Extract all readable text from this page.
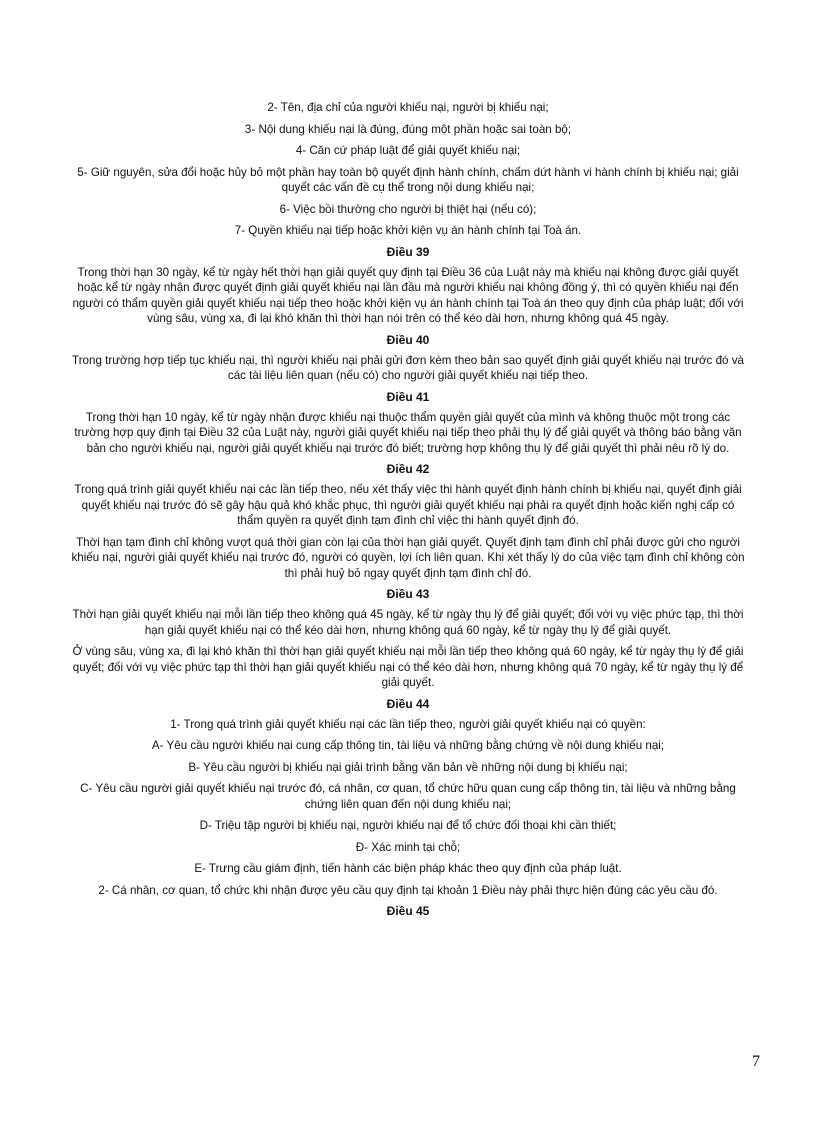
2- Tên, địa chỉ của người khiếu nại, người bị khiếu nại;

3- Nội dung khiếu nại là đúng, đúng một phần hoặc sai toàn bộ;

4- Căn cứ pháp luật để giải quyết khiếu nại;

5- Giữ nguyên, sửa đổi hoặc hủy bỏ một phần hay toàn bộ quyết định hành chính, chấm dứt hành vi hành chính bị khiếu nại; giải quyết các vấn đề cụ thể trong nội dung khiếu nại;

6- Việc bồi thường cho người bị thiệt hại (nếu có);

7- Quyền khiếu nại tiếp hoặc khởi kiện vụ án hành chính tại Toà án.

Điều 39

Trong thời hạn 30 ngày, kể từ ngày hết thời hạn giải quyết quy định tại Điều 36 của Luật này mà khiếu nại không được giải quyết hoặc kể từ ngày nhận được quyết định giải quyết khiếu nại lần đầu mà người khiếu nại không đồng ý, thì có quyền khiếu nại đến người có thẩm quyền giải quyết khiếu nại tiếp theo hoặc khởi kiện vụ án hành chính tại Toà án theo quy định của pháp luật; đối với vùng sâu, vùng xa, đi lại khó khăn thì thời hạn nói trên có thể kéo dài hơn, nhưng không quá 45 ngày.

Điều 40

Trong trường hợp tiếp tục khiếu nại, thì người khiếu nại phải gửi đơn kèm theo bản sao quyết định giải quyết khiếu nại trước đó và các tài liệu liên quan (nếu có) cho người giải quyết khiếu nại tiếp theo.

Điều 41

Trong thời hạn 10 ngày, kể từ ngày nhận được khiếu nại thuộc thẩm quyền giải quyết của mình và không thuộc một trong các trường hợp quy định tại Điều 32 của Luật này, người giải quyết khiếu nại tiếp theo phải thụ lý để giải quyết và thông báo bằng văn bản cho người khiếu nại, người giải quyết khiếu nại trước đó biết; trường hợp không thụ lý để giải quyết thì phải nêu rõ lý do.

Điều 42

Trong quá trình giải quyết khiếu nại các lần tiếp theo, nếu xét thấy việc thi hành quyết định hành chính bị khiếu nại, quyết định giải quyết khiếu nại trước đó sẽ gây hậu quả khó khắc phục, thì người giải quyết khiếu nại phải ra quyết định hoặc kiến nghị cấp có thẩm quyền ra quyết định tạm đình chỉ việc thi hành quyết định đó.

Thời hạn tạm đình chỉ không vượt quá thời gian còn lại của thời hạn giải quyết. Quyết định tạm đình chỉ phải được gửi cho người khiếu nại, người giải quyết khiếu nại trước đó, người có quyền, lợi ích liên quan. Khi xét thấy lý do của việc tạm đình chỉ không còn thì phải huỷ bỏ ngay quyết định tạm đình chỉ đó.

Điều 43

Thời hạn giải quyết khiếu nại mỗi lần tiếp theo không quá 45 ngày, kể từ ngày thụ lý để giải quyết; đối với vụ việc phức tạp, thì thời hạn giải quyết khiếu nại có thể kéo dài hơn, nhưng không quá 60 ngày, kể từ ngày thụ lý để giải quyết.

Ở vùng sâu, vùng xa, đi lại khó khăn thì thời hạn giải quyết khiếu nại mỗi lần tiếp theo không quá 60 ngày, kể từ ngày thụ lý để giải quyết; đối với vụ việc phức tạp thì thời hạn giải quyết khiếu nại có thể kéo dài hơn, nhưng không quá 70 ngày, kể từ ngày thụ lý để giải quyết.

Điều 44

1- Trong quá trình giải quyết khiếu nại các lần tiếp theo, người giải quyết khiếu nại có quyền:

A- Yêu cầu người khiếu nại cung cấp thông tin, tài liệu và những bằng chứng về nội dung khiếu nại;

B- Yêu cầu người bị khiếu nại giải trình bằng văn bản về những nội dung bị khiếu nại;

C- Yêu cầu người giải quyết khiếu nại trước đó, cá nhân, cơ quan, tổ chức hữu quan cung cấp thông tin, tài liệu và những bằng chứng liên quan đến nội dung khiếu nại;

D- Triệu tập người bị khiếu nại, người khiếu nại để tổ chức đối thoại khi cần thiết;

Đ- Xác minh tại chỗ;

E- Trưng cầu giám định, tiến hành các biện pháp khác theo quy định của pháp luật.

2- Cá nhân, cơ quan, tổ chức khi nhận được yêu cầu quy định tại khoản 1 Điều này phải thực hiện đúng các yêu cầu đó.

Điều 45
7
